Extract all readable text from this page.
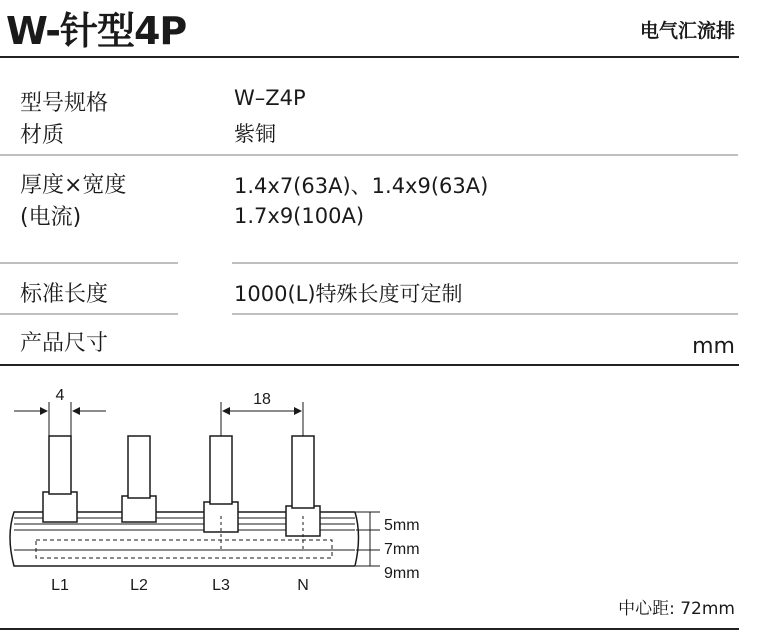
W-针型4P	电气汇流排
型号规格	W–Z4P
材质	紫铜
厚度×宽度	1.4x7(63A)、1.4x9(63A)
(电流)	1.7x9(100A)
标准长度	1000(L)特殊长度可定制
产品尺寸	mm
4	18
5mm
7mm
9mm
L1	L2	L3	N
中心距: 72mm
